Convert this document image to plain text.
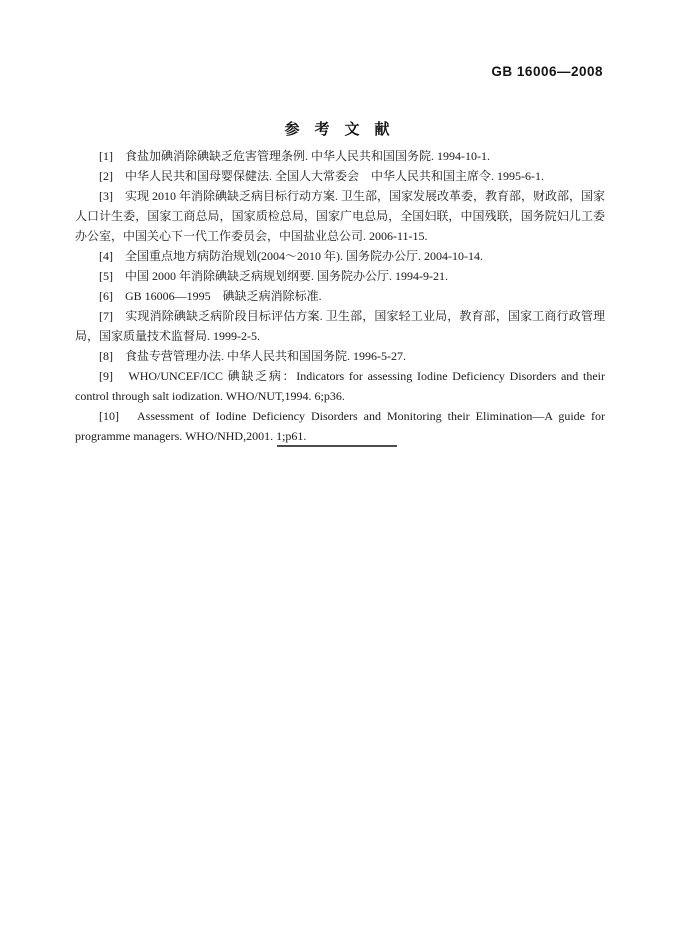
GB 16006—2008
参　考　文　献

[1]　食盐加碘消除碘缺乏危害管理条例. 中华人民共和国国务院. 1994-10-1.

[2]　中华人民共和国母婴保健法. 全国人大常委会　中华人民共和国主席令. 1995-6-1.

[3]　实现 2010 年消除碘缺乏病目标行动方案. 卫生部，国家发展改革委，教育部，财政部，国家人口计生委，国家工商总局，国家质检总局，国家广电总局，全国妇联，中国残联，国务院妇儿工委办公室，中国关心下一代工作委员会，中国盐业总公司. 2006-11-15.

[4]　全国重点地方病防治规划(2004～2010 年). 国务院办公厅. 2004-10-14.

[5]　中国 2000 年消除碘缺乏病规划纲要. 国务院办公厅. 1994-9-21.

[6]　GB 16006—1995　碘缺乏病消除标准.

[7]　实现消除碘缺乏病阶段目标评估方案. 卫生部，国家轻工业局，教育部，国家工商行政管理局，国家质量技术监督局. 1999-2-5.

[8]　食盐专营管理办法. 中华人民共和国国务院. 1996-5-27.

[9]　WHO/UNCEF/ICC 碘缺乏病：Indicators for assessing Iodine Deficiency Disorders and their control through salt iodization. WHO/NUT,1994. 6;p36.

[10]　Assessment of Iodine Deficiency Disorders and Monitoring their Elimination—A guide for programme managers. WHO/NHD,2001. 1;p61.
